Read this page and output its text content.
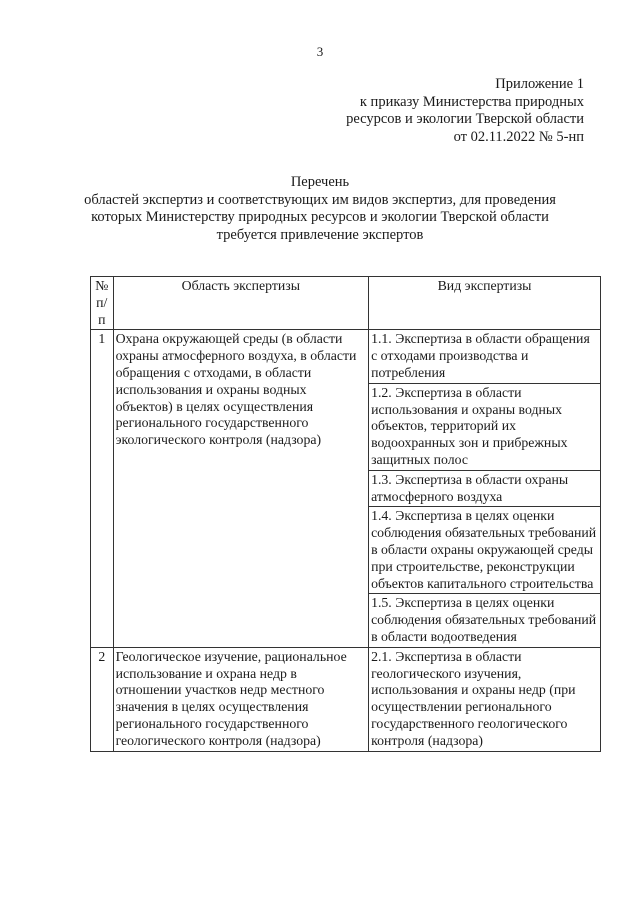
3
Приложение 1
к приказу Министерства природных
ресурсов и экологии Тверской области
от 02.11.2022 № 5-нп
Перечень
областей экспертиз и соответствующих им видов экспертиз, для проведения
которых Министерству природных ресурсов и экологии Тверской области
требуется привлечение экспертов
№ п/п	Область экспертизы	Вид экспертизы
1	Охрана окружающей среды (в области охраны атмосферного воздуха, в области обращения с отходами, в области использования и охраны водных объектов) в целях осуществления регионального государственного экологического контроля (надзора)	1.1. Экспертиза в области обращения с отходами производства и потребления
		1.2. Экспертиза в области использования и охраны водных объектов, территорий их водоохранных зон и прибрежных защитных полос
		1.3. Экспертиза в области охраны атмосферного воздуха
		1.4. Экспертиза в целях оценки соблюдения обязательных требований в области охраны окружающей среды при строительстве, реконструкции объектов капитального строительства
		1.5. Экспертиза в целях оценки соблюдения обязательных требований в области водоотведения
2	Геологическое изучение, рациональное использование и охрана недр в отношении участков недр местного значения в целях осуществления регионального государственного геологического контроля (надзора)	2.1. Экспертиза в области геологического изучения, использования и охраны недр (при осуществлении регионального государственного геологического контроля (надзора)
